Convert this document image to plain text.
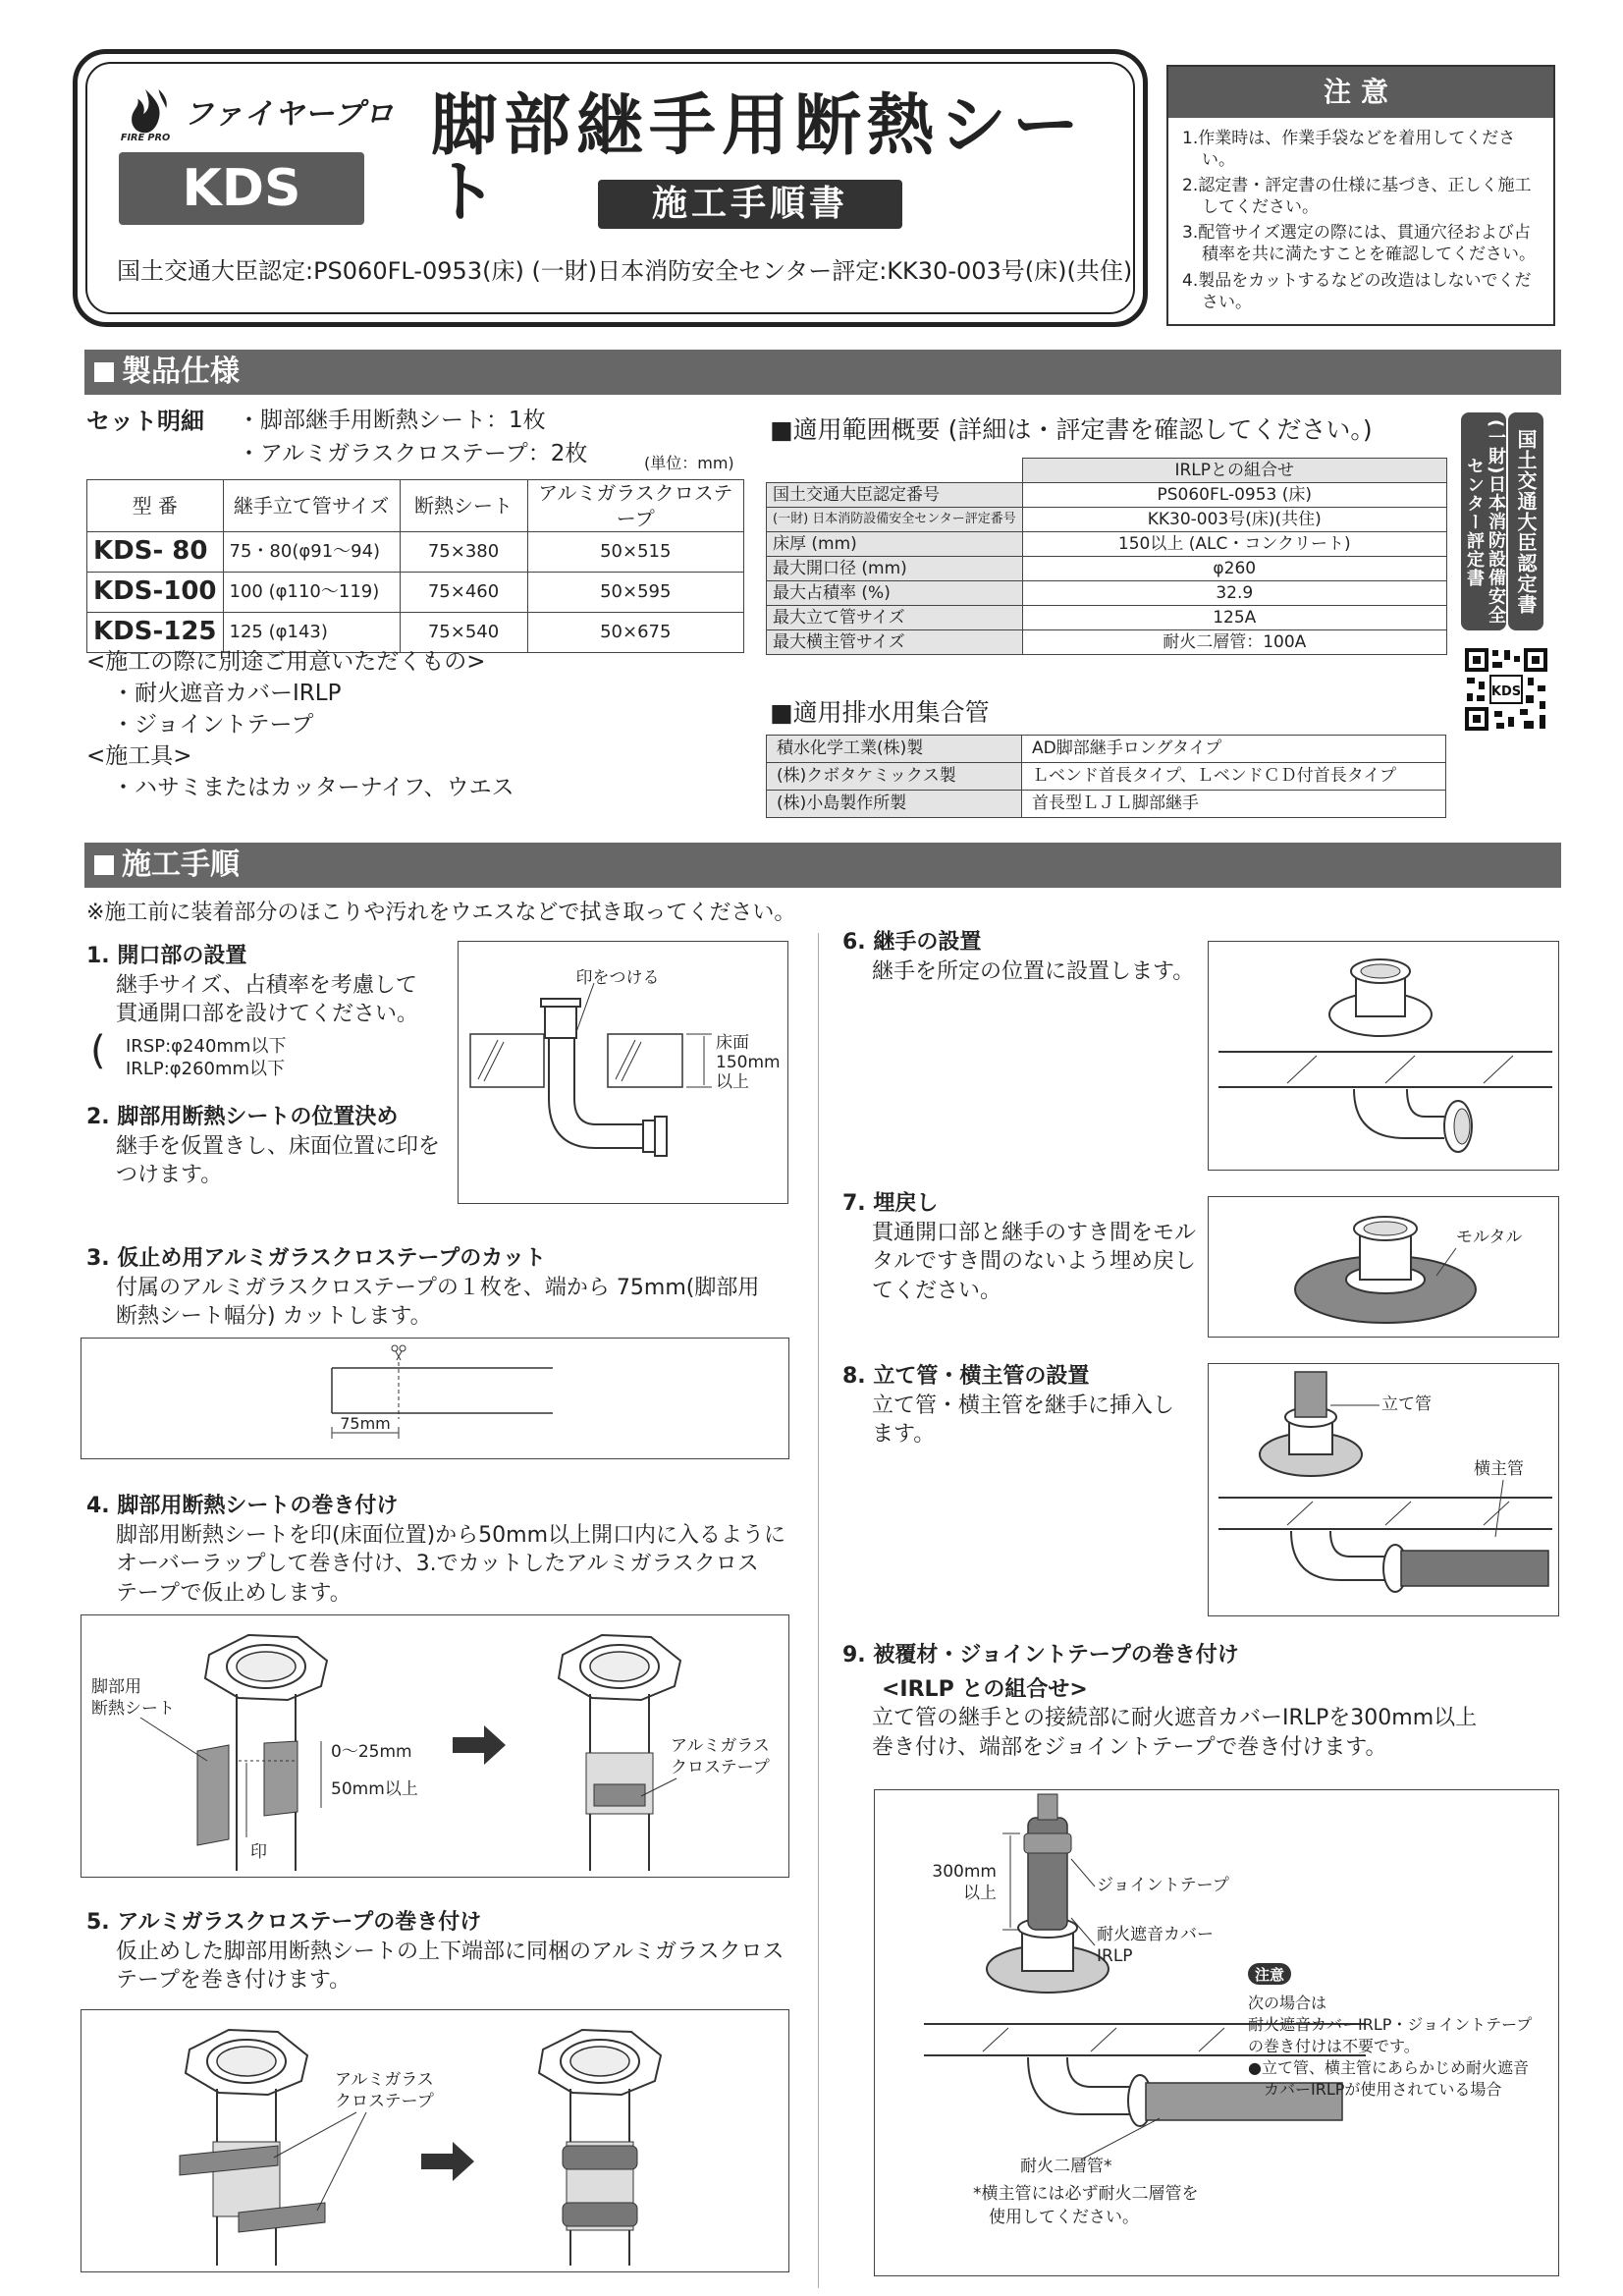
FIRE PRO
ファイヤープロ
KDS
脚部継手用断熱シート	施工手順書
国土交通大臣認定:PS060FL-0953(床) (一財)日本消防安全センター評定:KK30-003号(床)(共住)
注意
1.作業時は、作業手袋などを着用してください。
2.認定書・評定書の仕様に基づき、正しく施工してください。
3.配管サイズ選定の際には、貫通穴径および占積率を共に満たすことを確認してください。
4.製品をカットするなどの改造はしないでください。
製品仕様
セット明細 ・脚部継手用断熱シート：1枚
・アルミガラスクロステープ：2枚	(単位：mm)
型 番	継手立て管サイズ	断熱シート	アルミガラスクロステープ
KDS- 80	75・80(φ91～94)	75×380	50×515
KDS-100	100 (φ110～119)	75×460	50×595
KDS-125	125 (φ143)	75×540	50×675
<施工の際に別途ご用意いただくもの>
・耐火遮音カバーIRLP
・ジョイントテープ
<施工具>
・ハサミまたはカッターナイフ、ウエス
■適用範囲概要 (詳細は・評定書を確認してください。)
	IRLPとの組合せ
国土交通大臣認定番号	PS060FL-0953 (床)
(一財) 日本消防設備安全センター評定番号	KK30-003号(床)(共住)
床厚 (mm)	150以上 (ALC・コンクリート)
最大開口径 (mm)	φ260
最大占積率 (%)	32.9
最大立て管サイズ	125A
最大横主管サイズ	耐火二層管：100A
国土交通大臣認定書
(一財)日本消防設備安全センター評定書
KDS
■適用排水用集合管
積水化学工業(株)製	AD脚部継手ロングタイプ
(株)クボタケミックス製	Ｌベンド首長タイプ、ＬベンドＣＤ付首長タイプ
(株)小島製作所製	首長型ＬＪＬ脚部継手
施工手順
※施工前に装着部分のほこりや汚れをウエスなどで拭き取ってください。
1. 開口部の設置
継手サイズ、占積率を考慮して
貫通開口部を設けてください。
( IRSP:φ240mm以下
IRLP:φ260mm以下
2. 脚部用断熱シートの位置決め
継手を仮置きし、床面位置に印を
つけます。
印をつける
床面
150mm
以上
3. 仮止め用アルミガラスクロステープのカット
付属のアルミガラスクロステープの１枚を、端から 75mm(脚部用
断熱シート幅分) カットします。
75mm
4. 脚部用断熱シートの巻き付け
脚部用断熱シートを印(床面位置)から50mm以上開口内に入るように
オーバーラップして巻き付け、3.でカットしたアルミガラスクロス
テープで仮止めします。
脚部用
断熱シート
0～25mm
50mm以上
印
アルミガラス
クロステープ
5. アルミガラスクロステープの巻き付け
仮止めした脚部用断熱シートの上下端部に同梱のアルミガラスクロス
テープを巻き付けます。
アルミガラス
クロステープ
6. 継手の設置
継手を所定の位置に設置します。
7. 埋戻し
貫通開口部と継手のすき間をモル
タルですき間のないよう埋め戻し
てください。
モルタル
8. 立て管・横主管の設置
立て管・横主管を継手に挿入し
ます。
立て管
横主管
9. 被覆材・ジョイントテープの巻き付け
<IRLP との組合せ>
立て管の継手との接続部に耐火遮音カバーIRLPを300mm以上
巻き付け、端部をジョイントテープで巻き付けます。
300mm
以上	ジョイントテープ
耐火遮音カバー
IRLP
耐火二層管*
*横主管には必ず耐火二層管を
使用してください。
注意
次の場合は
耐火遮音カバーIRLP・ジョイントテープ
の巻き付けは不要です。
●立て管、横主管にあらかじめ耐火遮音
　カバーIRLPが使用されている場合
